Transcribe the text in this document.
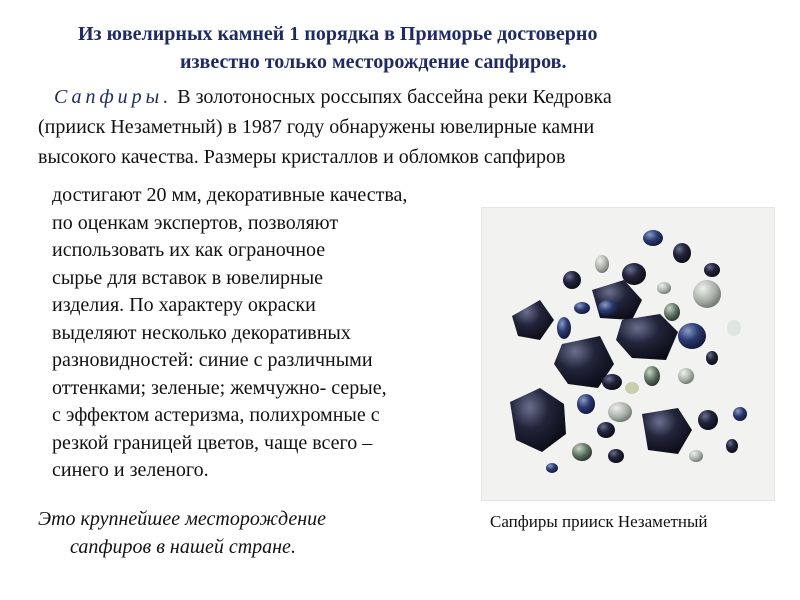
Из ювелирных камней 1 порядка в Приморье достоверно
известно только месторождение сапфиров.
Сапфиры. В золотоносных россыпях бассейна реки Кедровка
(прииск Незаметный) в 1987 году обнаружены ювелирные камни
высокого качества. Размеры кристаллов и обломков сапфиров
достигают 20 мм, декоративные качества,
по оценкам экспертов, позволяют
использовать их как ограночное
сырье для вставок в ювелирные
изделия. По характеру окраски
выделяют несколько декоративных
разновидностей: синие с различными
оттенками; зеленые; жемчужно- серые,
с эффектом астеризма, полихромные с
резкой границей цветов, чаще всего –
синего и зеленого.
Это крупнейшее месторождение
сапфиров в нашей стране.
Сапфиры прииск Незаметный
